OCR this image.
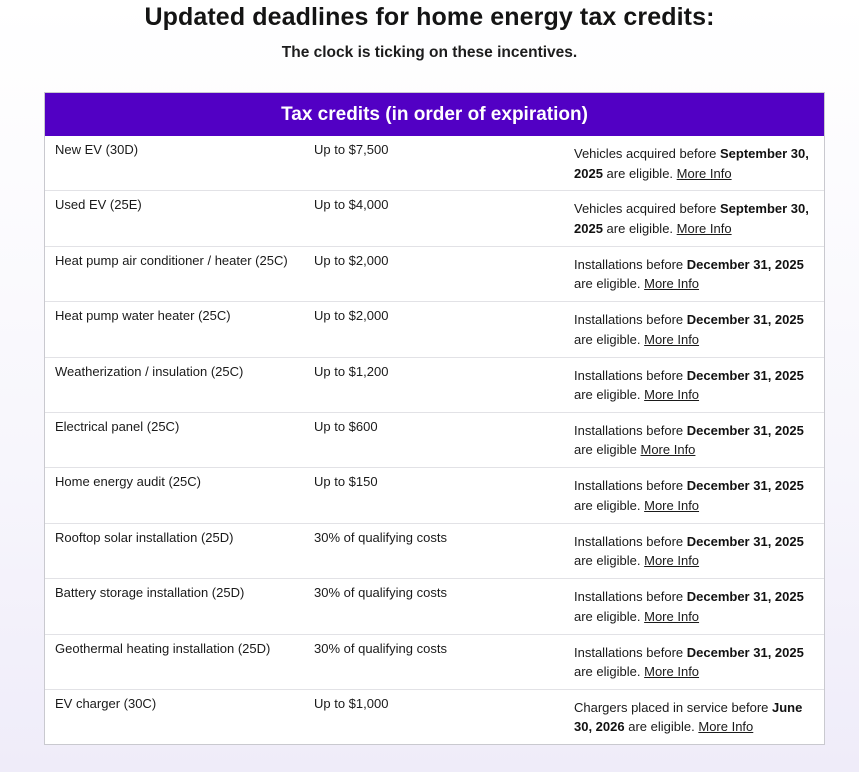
Updated deadlines for home energy tax credits:

The clock is ticking on these incentives.

Tax credits (in order of expiration)
New EV (30D)	Up to $7,500	Vehicles acquired before September 30, 2025 are eligible. More Info
Used EV (25E)	Up to $4,000	Vehicles acquired before September 30, 2025 are eligible. More Info
Heat pump air conditioner / heater (25C)	Up to $2,000	Installations before December 31, 2025 are eligible. More Info
Heat pump water heater (25C)	Up to $2,000	Installations before December 31, 2025 are eligible. More Info
Weatherization / insulation (25C)	Up to $1,200	Installations before December 31, 2025 are eligible. More Info
Electrical panel (25C)	Up to $600	Installations before December 31, 2025 are eligible More Info
Home energy audit (25C)	Up to $150	Installations before December 31, 2025 are eligible. More Info
Rooftop solar installation (25D)	30% of qualifying costs	Installations before December 31, 2025 are eligible. More Info
Battery storage installation (25D)	30% of qualifying costs	Installations before December 31, 2025 are eligible. More Info
Geothermal heating installation (25D)	30% of qualifying costs	Installations before December 31, 2025 are eligible. More Info
EV charger (30C)	Up to $1,000	Chargers placed in service before June 30, 2026 are eligible. More Info
